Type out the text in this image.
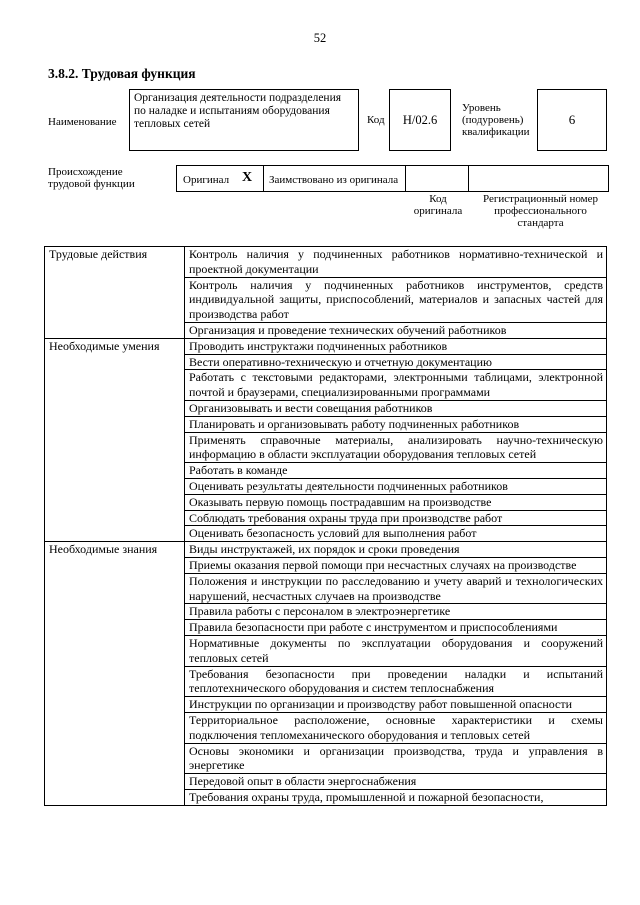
52
3.8.2. Трудовая функция
Наименование
Организация деятельности подразделения по наладке и испытаниям оборудования тепловых сетей	Код	H/02.6
Уровень (подуровень) квалификации
6
Происхождение трудовой функции	Оригинал X Заимствовано из оригинала
Код оригинала
Регистрационный номер профессионального стандарта
Трудовые действия	Контроль наличия у подчиненных работников нормативно-технической и проектной документации
	Контроль наличия у подчиненных работников инструментов, средств индивидуальной защиты, приспособлений, материалов и запасных частей для производства работ
	Организация и проведение технических обучений работников
Необходимые умения	Проводить инструктажи подчиненных работников
	Вести оперативно-техническую и отчетную документацию
	Работать с текстовыми редакторами, электронными таблицами, электронной почтой и браузерами, специализированными программами
	Организовывать и вести совещания работников
	Планировать и организовывать работу подчиненных работников
	Применять справочные материалы, анализировать научно-техническую информацию в области эксплуатации оборудования тепловых сетей
	Работать в команде
	Оценивать результаты деятельности подчиненных работников
	Оказывать первую помощь пострадавшим на производстве
	Соблюдать требования охраны труда при производстве работ
	Оценивать безопасность условий для выполнения работ
Необходимые знания	Виды инструктажей, их порядок и сроки проведения
	Приемы оказания первой помощи при несчастных случаях на производстве
	Положения и инструкции по расследованию и учету аварий и технологических нарушений, несчастных случаев на производстве
	Правила работы с персоналом в электроэнергетике
	Правила безопасности при работе с инструментом и приспособлениями
	Нормативные документы по эксплуатации оборудования и сооружений тепловых сетей
	Требования безопасности при проведении наладки и испытаний теплотехнического оборудования и систем теплоснабжения
	Инструкции по организации и производству работ повышенной опасности
	Территориальное расположение, основные характеристики и схемы подключения тепломеханического оборудования и тепловых сетей
	Основы экономики и организации производства, труда и управления в энергетике
	Передовой опыт в области энергоснабжения
	Требования охраны труда, промышленной и пожарной безопасности,
